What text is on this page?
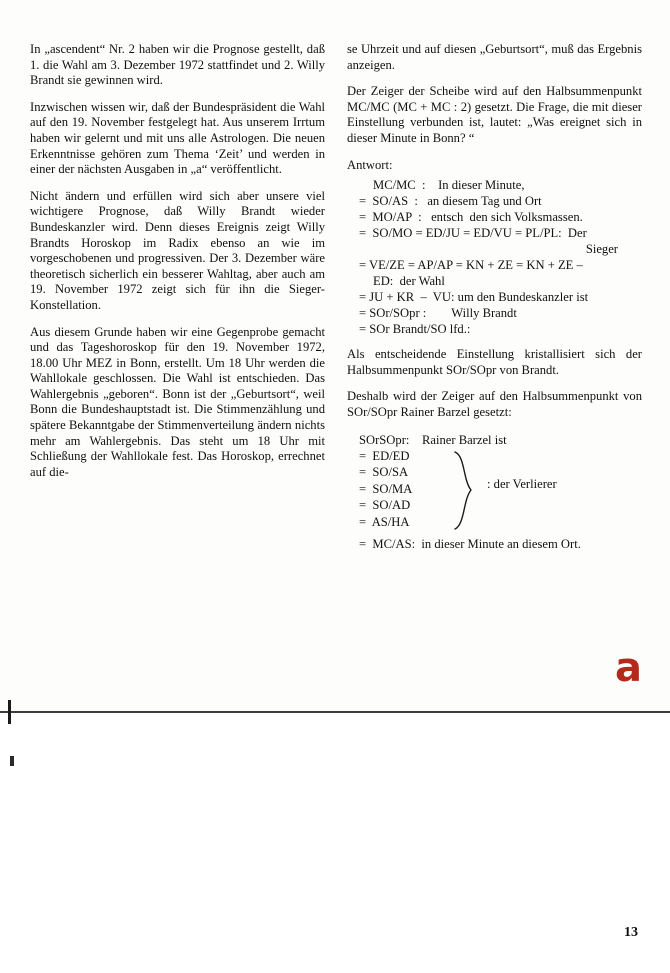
In „ascendent“ Nr. 2 haben wir die Prognose gestellt, daß 1. die Wahl am 3. Dezember 1972 stattfindet und 2. Willy Brandt sie gewinnen wird.

Inzwischen wissen wir, daß der Bundespräsident die Wahl auf den 19. November festgelegt hat. Aus unserem Irrtum haben wir gelernt und mit uns alle Astrologen. Die neuen Erkenntnisse gehören zum Thema ‘Zeit’ und werden in einer der nächsten Ausgaben in „a“ veröffentlicht.

Nicht ändern und erfüllen wird sich aber unsere viel wichtigere Prognose, daß Willy Brandt wieder Bundeskanzler wird. Denn dieses Ereignis zeigt Willy Brandts Horoskop im Radix ebenso an wie im vorgeschobenen und progressiven. Der 3. Dezember wäre theoretisch sicherlich ein besserer Wahltag, aber auch am 19. November 1972 zeigt sich für ihn die Sieger-Konstellation.

Aus diesem Grunde haben wir eine Gegenprobe gemacht und das Tageshoroskop für den 19. November 1972, 18.00 Uhr MEZ in Bonn, erstellt. Um 18 Uhr werden die Wahllokale geschlossen. Die Wahl ist entschieden. Das Wahlergebnis „geboren“. Bonn ist der „Geburtsort“, weil Bonn die Bundeshauptstadt ist. Die Stimmenzählung und spätere Bekanntgabe der Stimmenverteilung ändern nichts mehr am Wahlergebnis. Das steht um 18 Uhr mit Schließung der Wahllokale fest. Das Horoskop, errechnet auf die-

se Uhrzeit und auf diesen „Geburtsort“, muß das Ergebnis anzeigen.

Der Zeiger der Scheibe wird auf den Halbsummenpunkt MC/MC (MC + MC : 2) gesetzt. Die Frage, die mit dieser Einstellung verbunden ist, lautet: „Was ereignet sich in dieser Minute in Bonn? “

Antwort:

MC/MC  :    In dieser Minute,
=  SO/AS  :   an diesem Tag und Ort
=  MO/AP  :   entsch  den sich Volksmassen.
=  SO/MO = ED/JU = ED/VU = PL/PL:  Der
Sieger
= VE/ZE = AP/AP = KN + ZE = KN + ZE –
ED:  der Wahl
= JU + KR  –  VU: um den Bundeskanzler ist
= SOr/SOpr :        Willy Brandt
= SOr Brandt/SO lfd.:

Als entscheidende Einstellung kristallisiert sich der Halbsummenpunkt SOr/SOpr von Brandt.

Deshalb wird der Zeiger auf den Halbsummenpunkt von SOr/SOpr Rainer Barzel gesetzt:

SOrSOpr:    Rainer Barzel ist
=  ED/ED
=  SO/SA
=  SO/MA
=  SO/AD
=  AS/HA
: der Verlierer
=  MC/AS:  in dieser Minute an diesem Ort.
a
13
